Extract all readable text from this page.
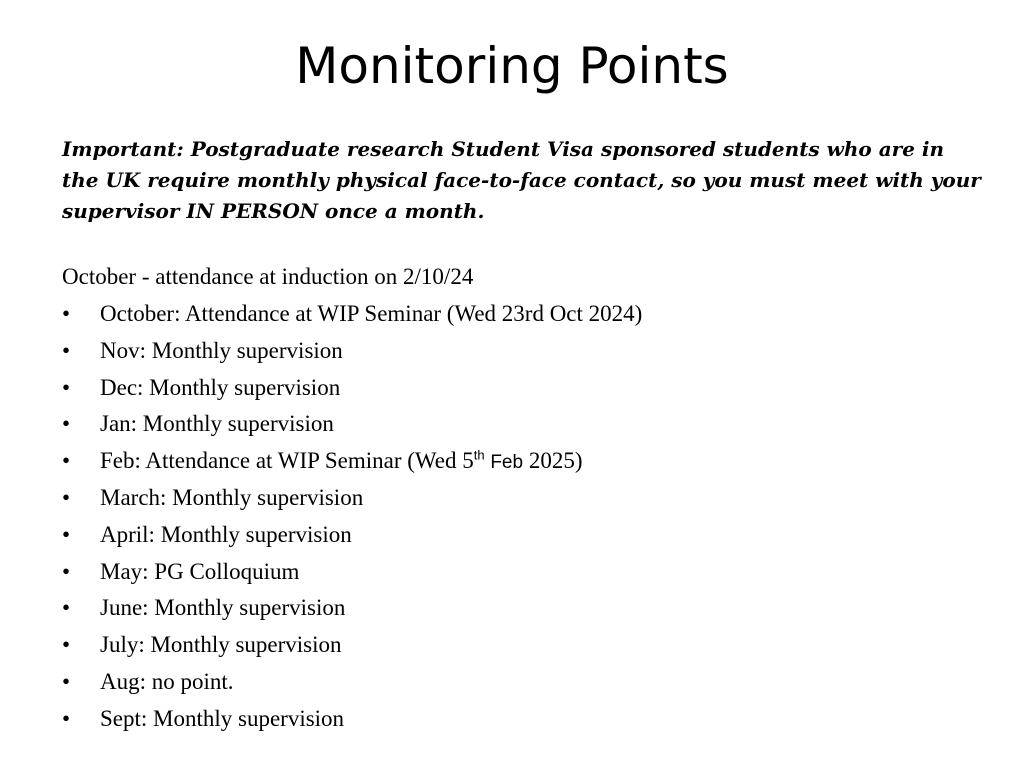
Monitoring Points

Important: Postgraduate research Student Visa sponsored students who are in the UK require monthly physical face-to-face contact, so you must meet with your supervisor IN PERSON once a month.

October - attendance at induction on 2/10/24

•	October: Attendance at WIP Seminar (Wed 23rd Oct 2024)
•	Nov: Monthly supervision
•	Dec: Monthly supervision
•	Jan: Monthly supervision
•	Feb: Attendance at WIP Seminar (Wed 5th Feb 2025)
•	March: Monthly supervision
•	April: Monthly supervision
•	May: PG Colloquium
•	June: Monthly supervision
•	July: Monthly supervision
•	Aug: no point.
•	Sept: Monthly supervision
